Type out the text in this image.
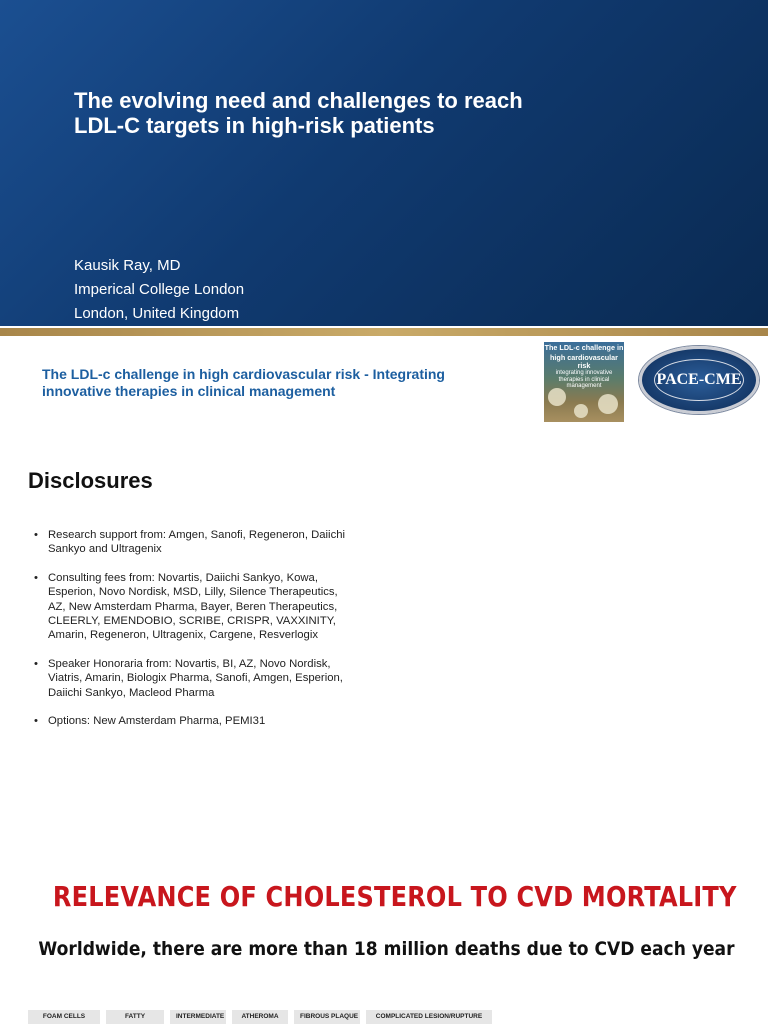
The evolving need and challenges to reach
LDL-C targets in high-risk patients
Kausik Ray, MD
Imperical College London
London, United Kingdom
The LDL-c challenge in high cardiovascular risk - Integrating
innovative therapies in clinical management
The LDL-c challenge in
high cardiovascular risk
integrating innovative
therapies in clinical management	PACE-CME
Disclosures
• Research support from: Amgen, Sanofi, Regeneron, Daiichi
Sankyo and Ultragenix
• Consulting fees from: Novartis, Daiichi Sankyo, Kowa,
Esperion, Novo Nordisk, MSD, Lilly, Silence Therapeutics,
AZ, New Amsterdam Pharma, Bayer, Beren Therapeutics,
CLEERLY, EMENDOBIO, SCRIBE, CRISPR, VAXXINITY,
Amarin, Regeneron, Ultragenix, Cargene, Resverlogix
• Speaker Honoraria from: Novartis, BI, AZ, Novo Nordisk,
Viatris, Amarin, Biologix Pharma, Sanofi, Amgen, Esperion,
Daiichi Sankyo, Macleod Pharma
• Options: New Amsterdam Pharma, PEMI31
RELEVANCE OF CHOLESTEROL TO CVD MORTALITY
Worldwide, there are more than 18 million deaths due to CVD each year
FOAM CELLS	FATTY	INTERMEDIATE	ATHEROMA	FIBROUS PLAQUE	COMPLICATED LESION/RUPTURE
